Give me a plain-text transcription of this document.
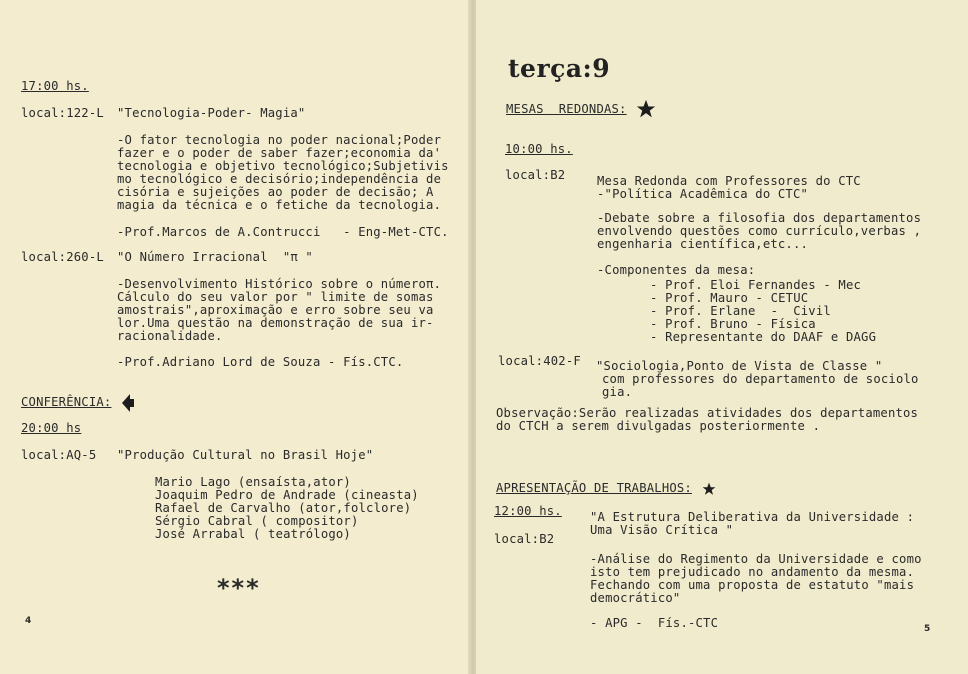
17:00 hs.
local:122-L "Tecnologia-Poder- Magia"
-O fator tecnologia no poder nacional;Poder
fazer e o poder de saber fazer;economia da'
tecnologia e objetivo tecnológico;Subjetivis
mo tecnológico e decisório;independência de
cisória e sujeições ao poder de decisão; A
magia da técnica e o fetiche da tecnologia.
-Prof.Marcos de A.Contrucci   - Eng-Met-CTC.
local:260-L "O Número Irracional  "π "
-Desenvolvimento Histórico sobre o númeroπ.
Cálculo do seu valor por " limite de somas
amostrais",aproximação e erro sobre seu va
lor.Uma questão na demonstração de sua ir-
racionalidade.
-Prof.Adriano Lord de Souza - Fís.CTC.
CONFERÊNCIA:
20:00 hs
local:AQ-5 "Produção Cultural no Brasil Hoje"
Mario Lago (ensaísta,ator)
Joaquim Pedro de Andrade (cineasta)
Rafael de Carvalho (ator,folclore)
Sérgio Cabral ( compositor)
José Arrabal ( teatrólogo)
***
4
terça:9
MESAS  REDONDAS:
10:00 hs.
local:B2	Mesa Redonda com Professores do CTC
-"Política Acadêmica do CTC"
-Debate sobre a filosofia dos departamentos
envolvendo questões como currículo,verbas ,
engenharia científica,etc...
-Componentes da mesa:
- Prof. Eloi Fernandes - Mec
- Prof. Mauro - CETUC
- Prof. Erlane  -  Civil
- Prof. Bruno - Física
- Representante do DAAF e DAGG
local:402-F "Sociologia,Ponto de Vista de Classe "
com professores do departamento de sociolo
gia.
Observação:Serão realizadas atividades dos departamentos
do CTCH a serem divulgadas posteriormente .
APRESENTAÇÃO DE TRABALHOS:
12:00 hs. "A Estrutura Deliberativa da Universidade :
Uma Visão Crítica "
local:B2
-Análise do Regimento da Universidade e como
isto tem prejudicado no andamento da mesma.
Fechando com uma proposta de estatuto "mais
democrático"
- APG -  Fís.-CTC	5
